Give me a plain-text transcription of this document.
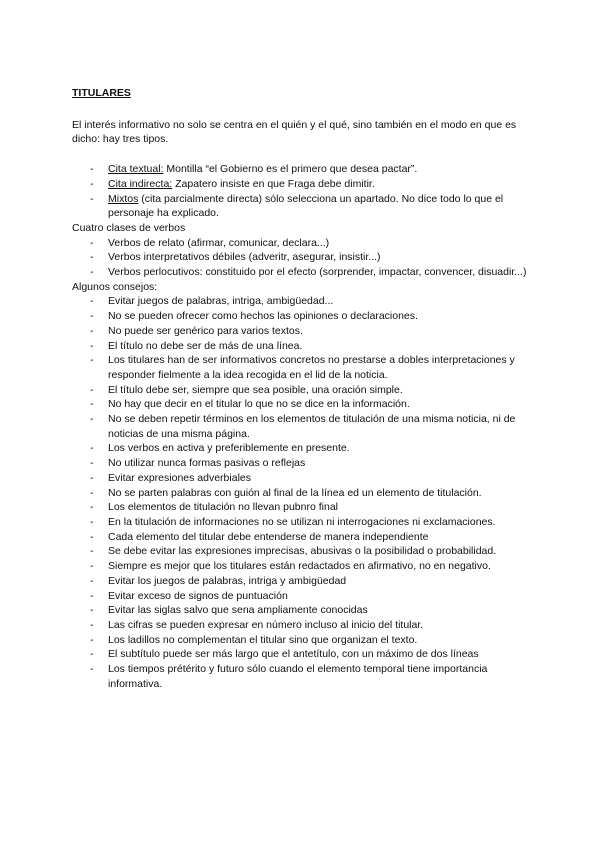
TITULARES

El interés informativo no solo se centra en el quién y el qué, sino también en el modo en que es dicho: hay tres tipos.

- Cita textual: Montilla “el Gobierno es el primero que desea pactar”.
- Cita indirecta: Zapatero insiste en que Fraga debe dimitir.
- Mixtos (cita parcialmente directa) sólo selecciona un apartado. No dice todo lo que el personaje ha explicado.

Cuatro clases de verbos

- Verbos de relato (afirmar, comunicar, declara...)
- Verbos interpretativos débiles (adveritr, asegurar, insistir...)
- Verbos perlocutivos: constituido por el efecto (sorprender, impactar, convencer, disuadir...)

Algunos consejos:

- Evitar juegos de palabras, intriga, ambigüedad...
- No se pueden ofrecer como hechos las opiniones o declaraciones.
- No puede ser genérico para varios textos.
- El título no debe ser de más de una línea.
- Los titulares han de ser informativos concretos no prestarse a dobles interpretaciones y responder fielmente a la idea recogida en el lid de la noticia.
- El título debe ser, siempre que sea posible, una oración simple.
- No hay que decir en el titular lo que no se dice en la información.
- No se deben repetir términos en los elementos de titulación de una misma noticia, ni de noticias de una misma página.
- Los verbos en activa y preferiblemente en presente.
- No utilizar nunca formas pasivas o reflejas
- Evitar expresiones adverbiales
- No se parten palabras con guión al final de la línea ed un elemento de titulación.
- Los elementos de titulación no llevan pubnro final
- En la titulación de informaciones no se utilizan ni interrogaciones ni exclamaciones.
- Cada elemento del titular debe entenderse de manera independiente
- Se debe evitar las expresiones imprecisas, abusivas o la posibilidad o probabilidad.
- Siempre es mejor que los titulares están redactados en afirmativo, no en negativo.
- Evitar los juegos de palabras, intriga y ambigüedad
- Evitar exceso de signos de puntuación
- Evitar las siglas salvo que sena ampliamente conocidas
- Las cifras se pueden expresar en número incluso al inicio del titular.
- Los ladillos no complementan el titular sino que organizan el texto.
- El subtítulo puede ser más largo que el antetítulo, con un máximo de dos líneas
- Los tiempos prétérito y futuro sólo cuando el elemento temporal tiene importancia informativa.
